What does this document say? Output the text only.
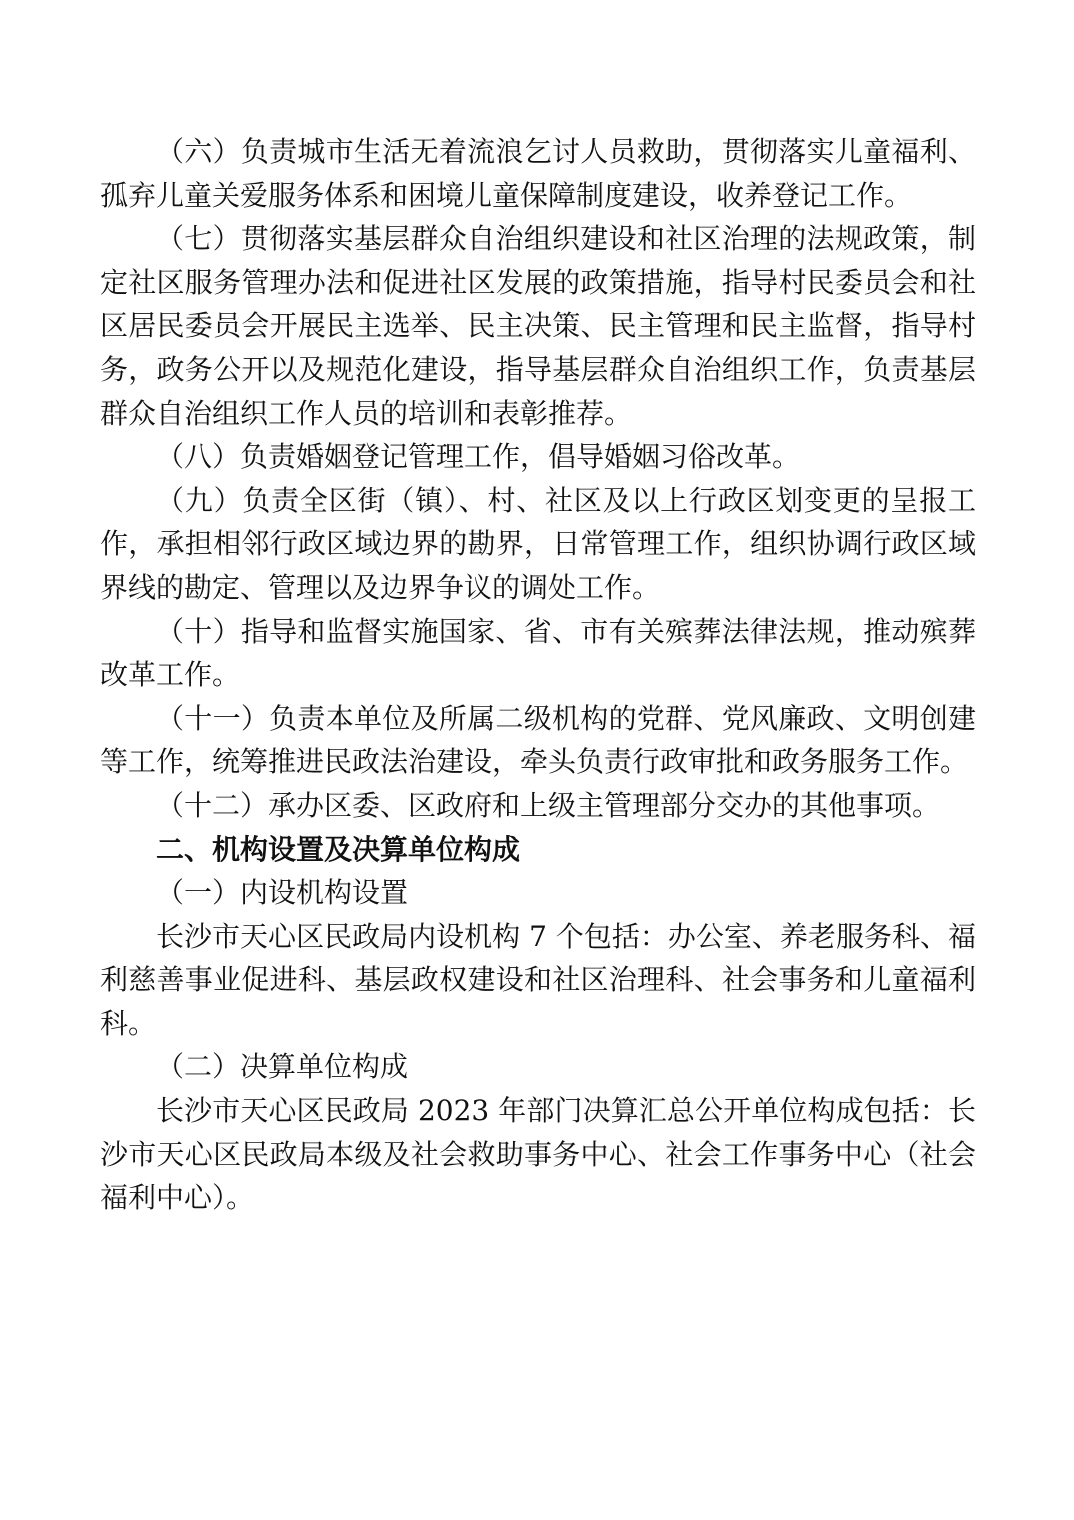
（六）负责城市生活无着流浪乞讨人员救助，贯彻落实儿童福利、孤弃儿童关爱服务体系和困境儿童保障制度建设，收养登记工作。

（七）贯彻落实基层群众自治组织建设和社区治理的法规政策，制定社区服务管理办法和促进社区发展的政策措施，指导村民委员会和社区居民委员会开展民主选举、民主决策、民主管理和民主监督，指导村务，政务公开以及规范化建设，指导基层群众自治组织工作，负责基层群众自治组织工作人员的培训和表彰推荐。

（八）负责婚姻登记管理工作，倡导婚姻习俗改革。

（九）负责全区街（镇）、村、社区及以上行政区划变更的呈报工作，承担相邻行政区域边界的勘界，日常管理工作，组织协调行政区域界线的勘定、管理以及边界争议的调处工作。

（十）指导和监督实施国家、省、市有关殡葬法律法规，推动殡葬改革工作。

（十一）负责本单位及所属二级机构的党群、党风廉政、文明创建等工作，统筹推进民政法治建设，牵头负责行政审批和政务服务工作。

（十二）承办区委、区政府和上级主管理部分交办的其他事项。

二、机构设置及决算单位构成

（一）内设机构设置

长沙市天心区民政局内设机构 7 个包括：办公室、养老服务科、福利慈善事业促进科、基层政权建设和社区治理科、社会事务和儿童福利科。

（二）决算单位构成

长沙市天心区民政局 2023 年部门决算汇总公开单位构成包括：长沙市天心区民政局本级及社会救助事务中心、社会工作事务中心（社会福利中心）。
